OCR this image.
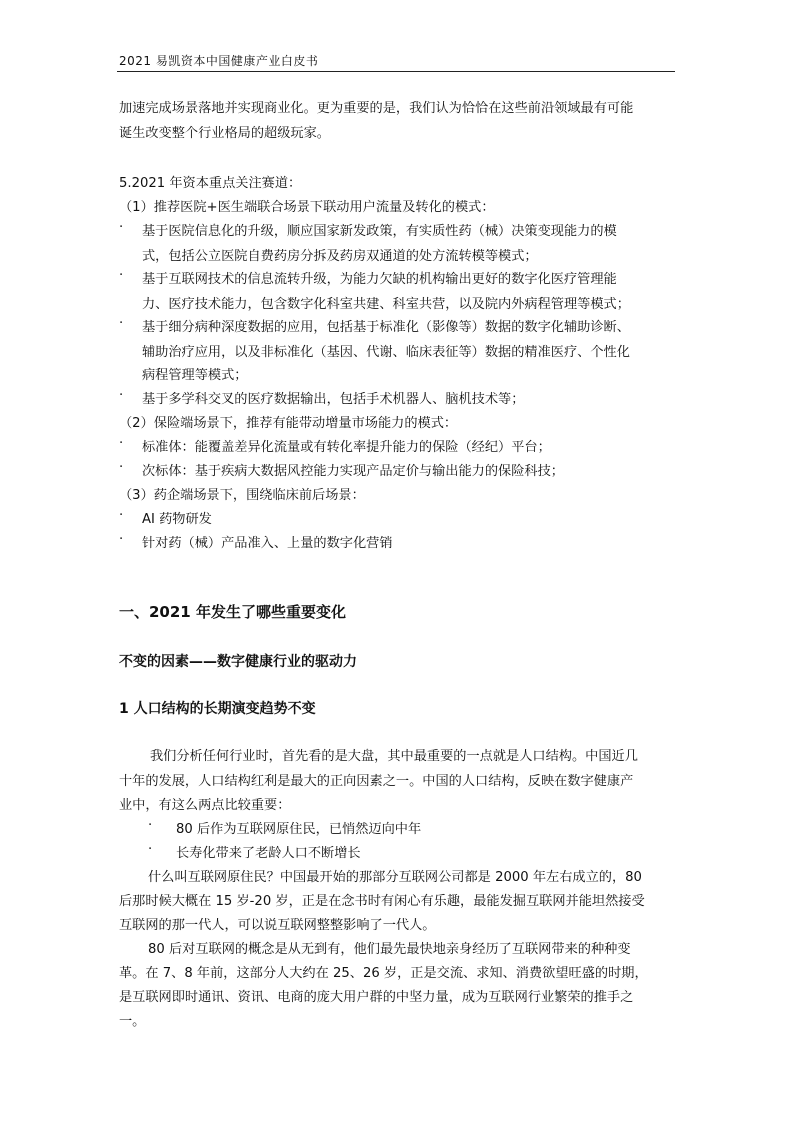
2021 易凯资本中国健康产业白皮书
加速完成场景落地并实现商业化。更为重要的是，我们认为恰恰在这些前沿领域最有可能
诞生改变整个行业格局的超级玩家。
5.2021 年资本重点关注赛道：
（1）推荐医院+医生端联合场景下联动用户流量及转化的模式：
· 基于医院信息化的升级，顺应国家新发政策，有实质性药（械）决策变现能力的模
式，包括公立医院自费药房分拆及药房双通道的处方流转模等模式；
· 基于互联网技术的信息流转升级，为能力欠缺的机构输出更好的数字化医疗管理能
力、医疗技术能力，包含数字化科室共建、科室共营，以及院内外病程管理等模式；
· 基于细分病种深度数据的应用，包括基于标准化（影像等）数据的数字化辅助诊断、
辅助治疗应用，以及非标准化（基因、代谢、临床表征等）数据的精准医疗、个性化
病程管理等模式；
· 基于多学科交叉的医疗数据输出，包括手术机器人、脑机技术等；
（2）保险端场景下，推荐有能带动增量市场能力的模式：
· 标准体：能覆盖差异化流量或有转化率提升能力的保险（经纪）平台；
· 次标体：基于疾病大数据风控能力实现产品定价与输出能力的保险科技；
（3）药企端场景下，围绕临床前后场景：
· AI 药物研发
· 针对药（械）产品准入、上量的数字化营销
一、2021 年发生了哪些重要变化
不变的因素——数字健康行业的驱动力
1 人口结构的长期演变趋势不变
我们分析任何行业时，首先看的是大盘，其中最重要的一点就是人口结构。中国近几
十年的发展，人口结构红利是最大的正向因素之一。中国的人口结构，反映在数字健康产
业中，有这么两点比较重要：
· 80 后作为互联网原住民，已悄然迈向中年
· 长寿化带来了老龄人口不断增长
什么叫互联网原住民？中国最开始的那部分互联网公司都是 2000 年左右成立的，80
后那时候大概在 15 岁-20 岁，正是在念书时有闲心有乐趣，最能发掘互联网并能坦然接受
互联网的那一代人，可以说互联网整整影响了一代人。
80 后对互联网的概念是从无到有，他们最先最快地亲身经历了互联网带来的种种变
革。在 7、8 年前，这部分人大约在 25、26 岁，正是交流、求知、消费欲望旺盛的时期，
是互联网即时通讯、资讯、电商的庞大用户群的中坚力量，成为互联网行业繁荣的推手之
一。
